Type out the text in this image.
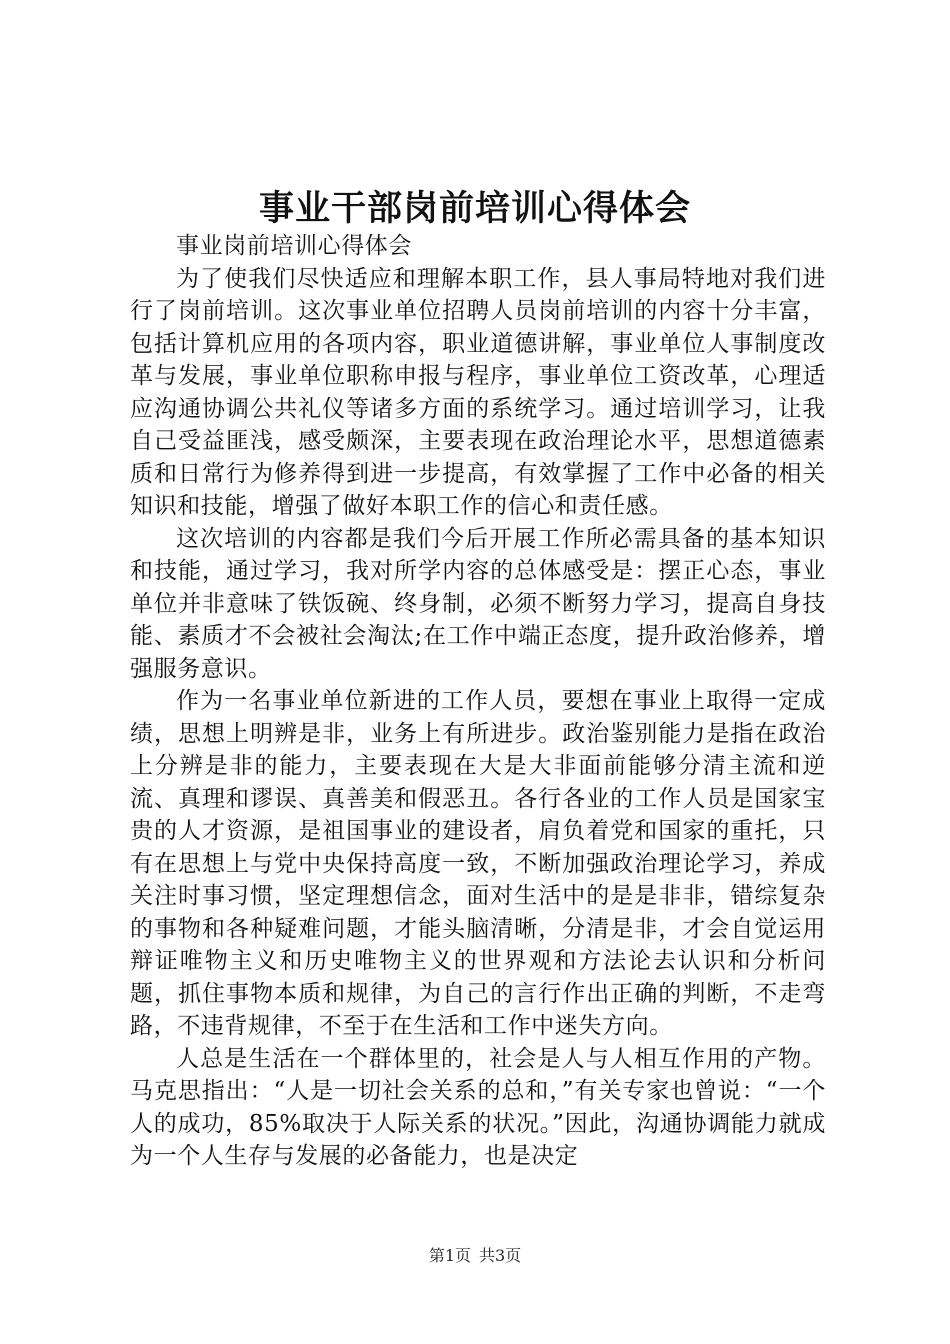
事业干部岗前培训心得体会

事业岗前培训心得体会

为了使我们尽快适应和理解本职工作，县人事局特地对我们进行了岗前培训。这次事业单位招聘人员岗前培训的内容十分丰富，包括计算机应用的各项内容，职业道德讲解，事业单位人事制度改革与发展，事业单位职称申报与程序，事业单位工资改革，心理适应沟通协调公共礼仪等诸多方面的系统学习。通过培训学习，让我自己受益匪浅，感受颇深，主要表现在政治理论水平，思想道德素质和日常行为修养得到进一步提高，有效掌握了工作中必备的相关知识和技能，增强了做好本职工作的信心和责任感。

这次培训的内容都是我们今后开展工作所必需具备的基本知识和技能，通过学习，我对所学内容的总体感受是：摆正心态，事业单位并非意味了铁饭碗、终身制，必须不断努力学习，提高自身技能、素质才不会被社会淘汰;在工作中端正态度，提升政治修养，增强服务意识。

作为一名事业单位新进的工作人员，要想在事业上取得一定成绩，思想上明辨是非，业务上有所进步。政治鉴别能力是指在政治上分辨是非的能力，主要表现在大是大非面前能够分清主流和逆流、真理和谬误、真善美和假恶丑。各行各业的工作人员是国家宝贵的人才资源，是祖国事业的建设者，肩负着党和国家的重托，只有在思想上与党中央保持高度一致，不断加强政治理论学习，养成关注时事习惯，坚定理想信念，面对生活中的是是非非，错综复杂的事物和各种疑难问题，才能头脑清晰，分清是非，才会自觉运用辩证唯物主义和历史唯物主义的世界观和方法论去认识和分析问题，抓住事物本质和规律，为自己的言行作出正确的判断，不走弯路，不违背规律，不至于在生活和工作中迷失方向。

人总是生活在一个群体里的，社会是人与人相互作用的产物。马克思指出：“人是一切社会关系的总和，”有关专家也曾说：“一个人的成功，85%取决于人际关系的状况。”因此，沟通协调能力就成为一个人生存与发展的必备能力，也是决定

第1页 共3页
